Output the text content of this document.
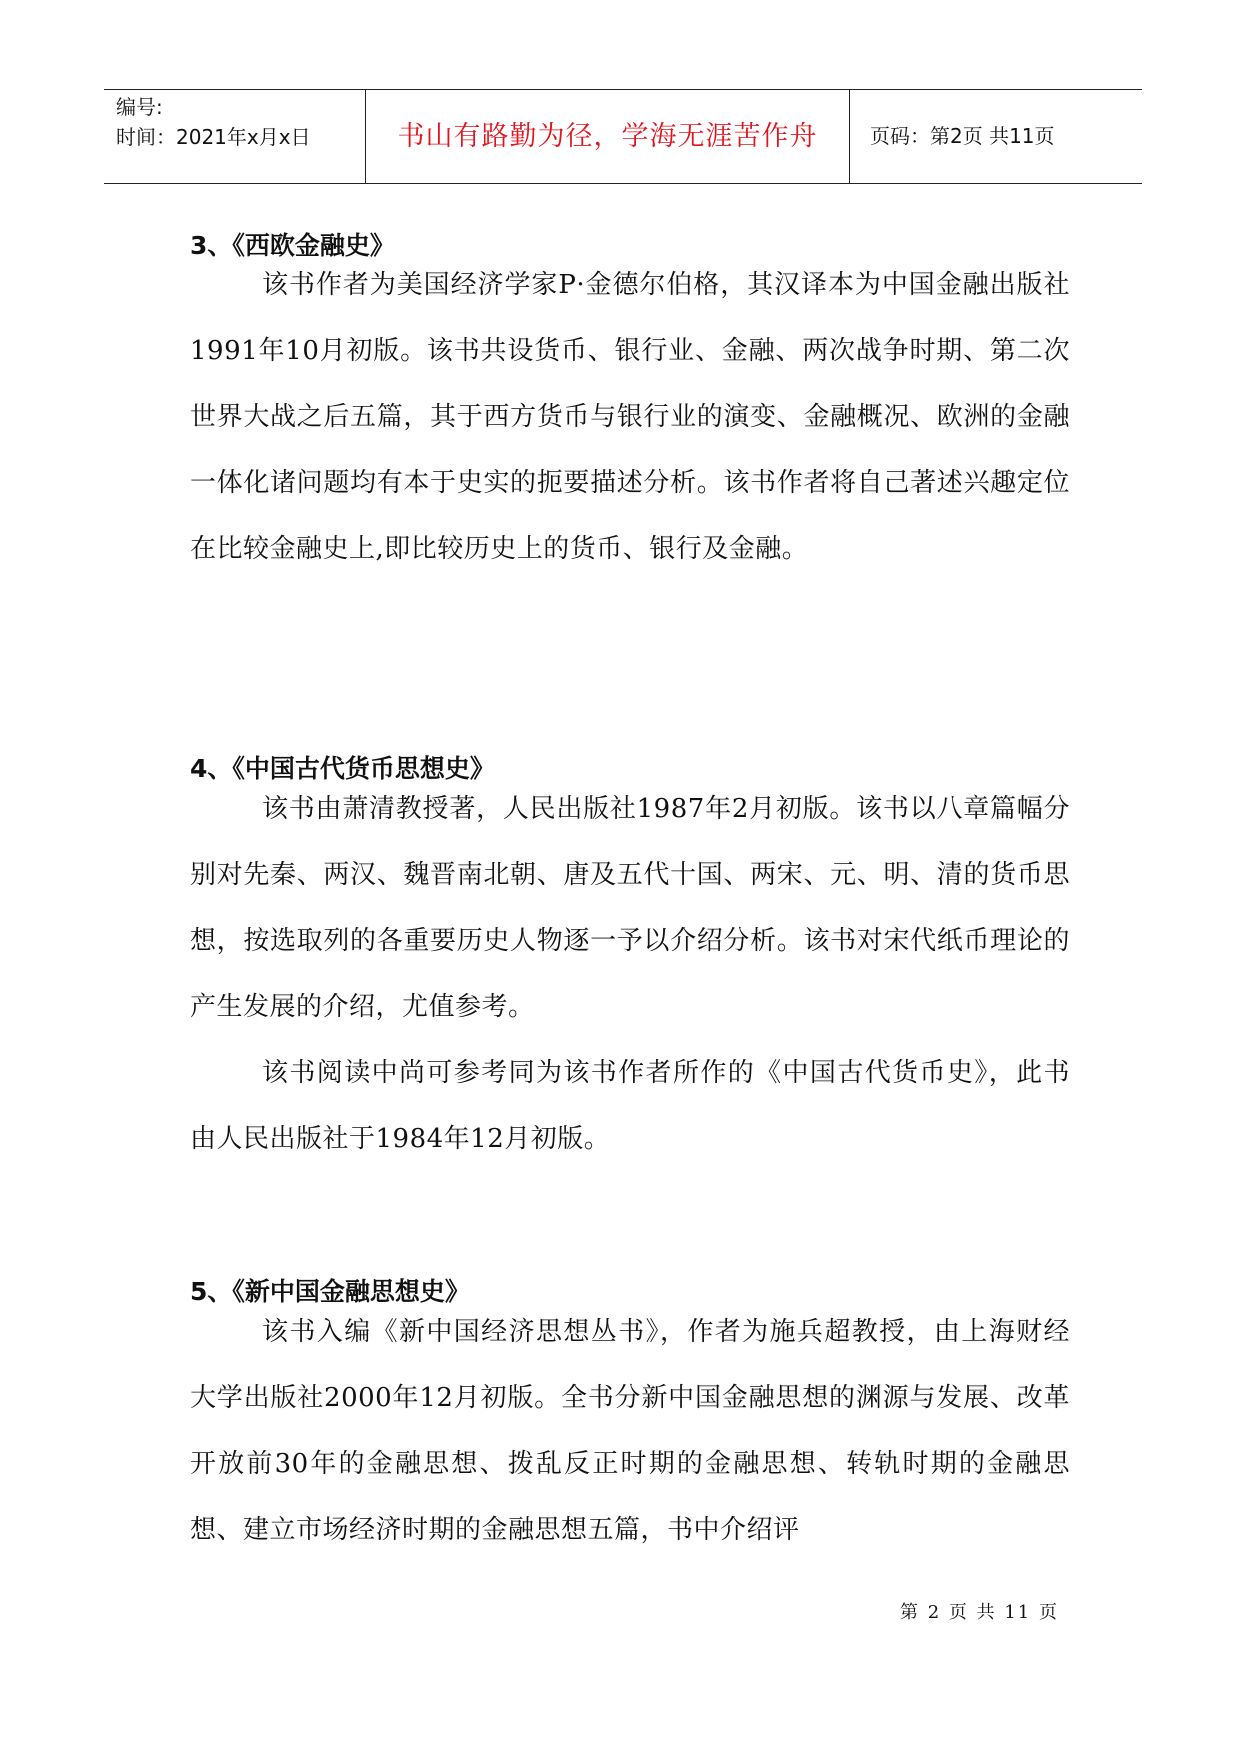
编号:
时间：2021年x月x日	书山有路勤为径，学海无涯苦作舟	页码：第2页 共11页
3、《西欧金融史》
该书作者为美国经济学家P·金德尔伯格，其汉译本为中国金融出版社1991年10月初版。该书共设货币、银行业、金融、两次战争时期、第二次世界大战之后五篇，其于西方货币与银行业的演变、金融概况、欧洲的金融一体化诸问题均有本于史实的扼要描述分析。该书作者将自己著述兴趣定位在比较金融史上,即比较历史上的货币、银行及金融。
4、《中国古代货币思想史》
该书由萧清教授著，人民出版社1987年2月初版。该书以八章篇幅分别对先秦、两汉、魏晋南北朝、唐及五代十国、两宋、元、明、清的货币思想，按选取列的各重要历史人物逐一予以介绍分析。该书对宋代纸币理论的产生发展的介绍，尤值参考。
该书阅读中尚可参考同为该书作者所作的《中国古代货币史》，此书由人民出版社于1984年12月初版。
5、《新中国金融思想史》
该书入编《新中国经济思想丛书》，作者为施兵超教授，由上海财经大学出版社2000年12月初版。全书分新中国金融思想的渊源与发展、改革开放前30年的金融思想、拨乱反正时期的金融思想、转轨时期的金融思想、建立市场经济时期的金融思想五篇，书中介绍评
第 2 页 共 11 页
